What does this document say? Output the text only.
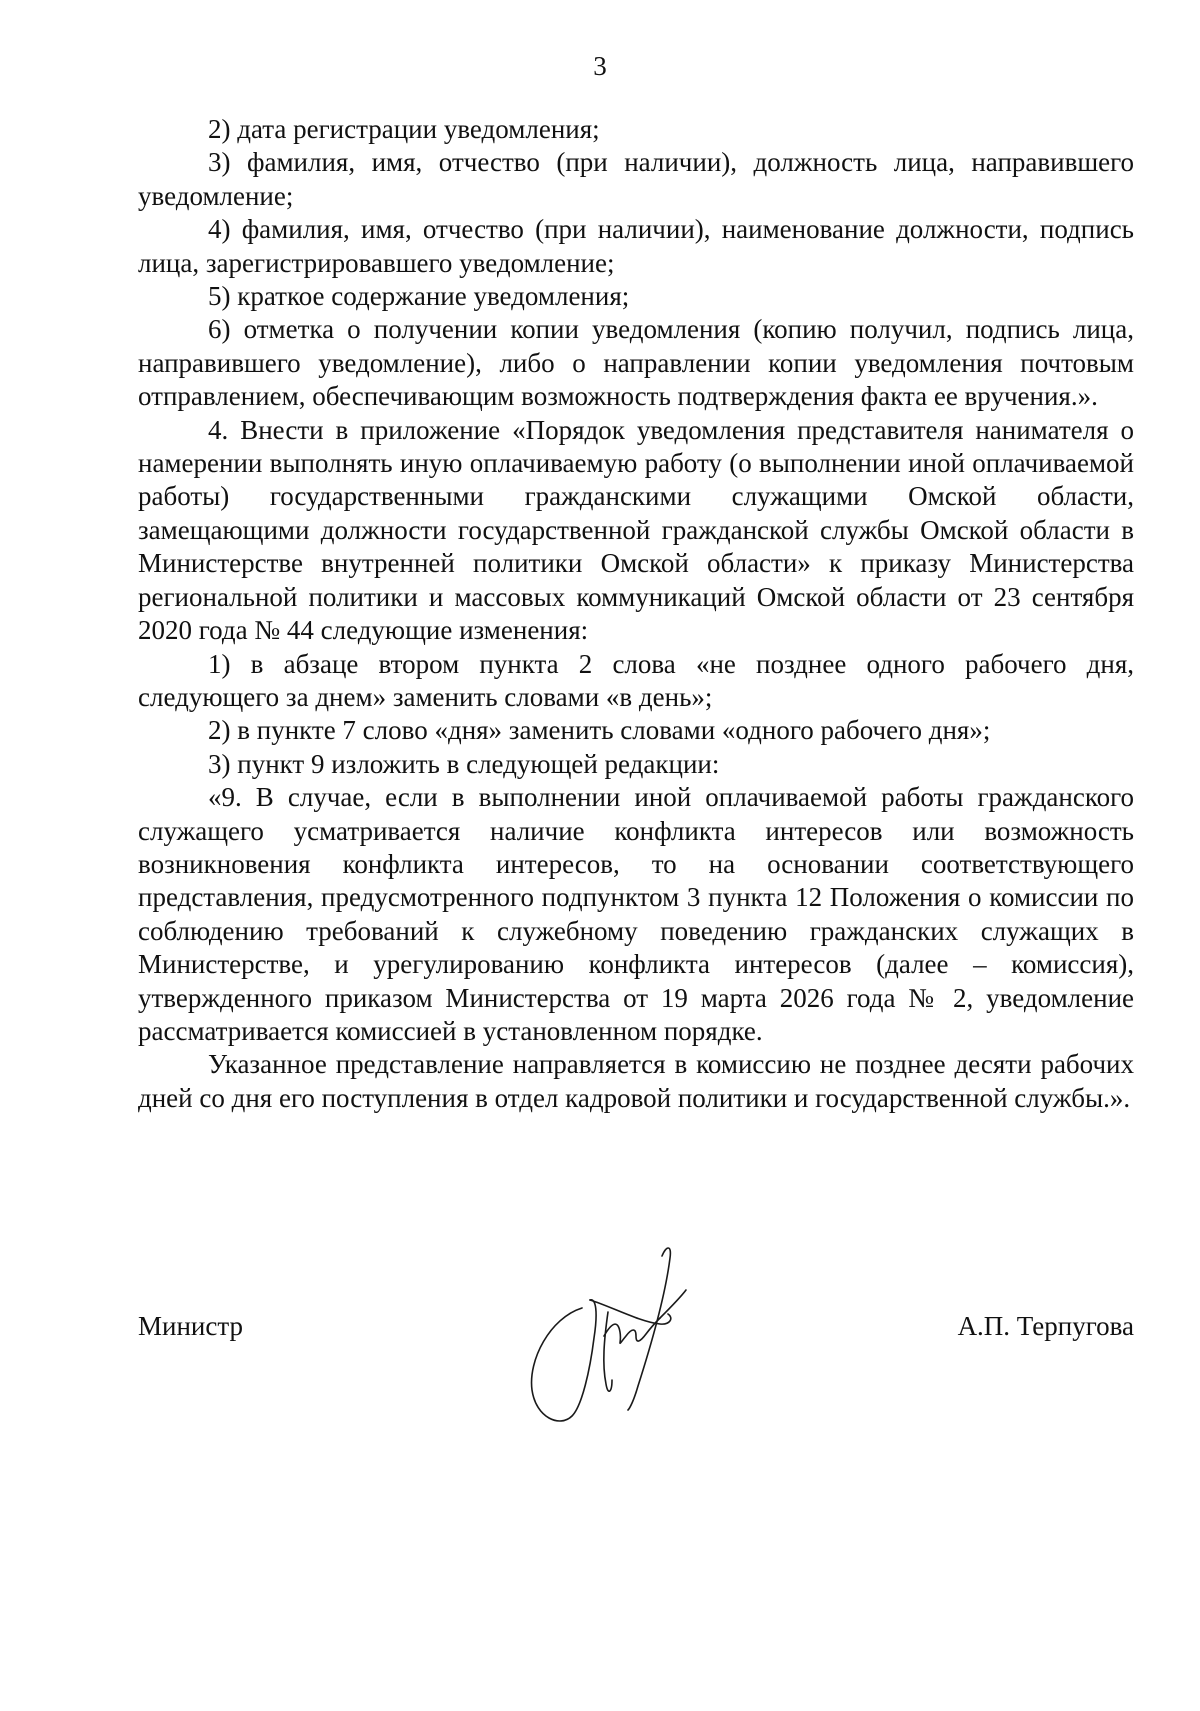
3

2) дата регистрации уведомления;

3) фамилия, имя, отчество (при наличии), должность лица, направившего уведомление;

4) фамилия, имя, отчество (при наличии), наименование должности, подпись лица, зарегистрировавшего уведомление;

5) краткое содержание уведомления;

6) отметка о получении копии уведомления (копию получил, подпись лица, направившего уведомление), либо о направлении копии уведомления почтовым отправлением, обеспечивающим возможность подтверждения факта ее вручения.».

4. Внести в приложение «Порядок уведомления представителя нанимателя о намерении выполнять иную оплачиваемую работу (о выполнении иной оплачиваемой работы) государственными гражданскими служащими Омской области, замещающими должности государственной гражданской службы Омской области в Министерстве внутренней политики Омской области» к приказу Министерства региональной политики и массовых коммуникаций Омской области от 23 сентября 2020 года № 44 следующие изменения:

1) в абзаце втором пункта 2 слова «не позднее одного рабочего дня, следующего за днем» заменить словами «в день»;

2) в пункте 7 слово «дня» заменить словами «одного рабочего дня»;

3) пункт 9 изложить в следующей редакции:

«9. В случае, если в выполнении иной оплачиваемой работы гражданского служащего усматривается наличие конфликта интересов или возможность возникновения конфликта интересов, то на основании соответствующего представления, предусмотренного подпунктом 3 пункта 12 Положения о комиссии по соблюдению требований к служебному поведению гражданских служащих в Министерстве, и урегулированию конфликта интересов (далее – комиссия), утвержденного приказом Министерства от 19 марта 2026 года № 2, уведомление рассматривается комиссией в установленном порядке.

Указанное представление направляется в комиссию не позднее десяти рабочих дней со дня его поступления в отдел кадровой политики и государственной службы.».

Министр	А.П. Терпугова
